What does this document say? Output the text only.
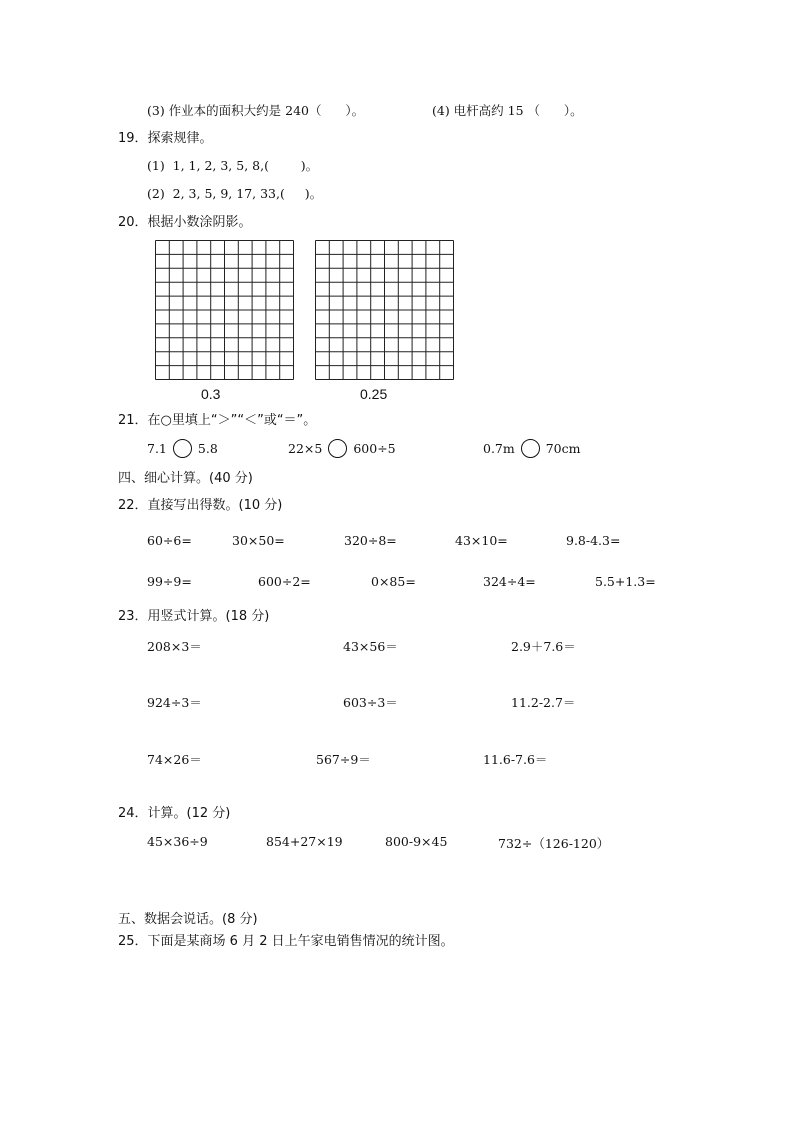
(3) 作业本的面积大约是 240（      ）。	(4) 电杆高约 15 （      ）。
19．探索规律。
(1)  1, 1, 2, 3, 5, 8,(        )。
(2)  2, 3, 5, 9, 17, 33,(     )。
20．根据小数涂阴影。
0.3	0.25
21．在○里填上“＞”“＜”或“＝”。
7.1 5.8	22×5 600÷5	0.7m 70cm
四、细心计算。(40 分)
22．直接写出得数。(10 分)
60÷6=	30×50=	320÷8=	43×10=	9.8-4.3=
99÷9=	600÷2=	0×85=	324÷4=	5.5+1.3=
23．用竖式计算。(18 分)
208×3＝	43×56＝	2.9＋7.6＝
924÷3＝	603÷3＝	11.2-2.7＝
74×26＝	567÷9＝	11.6-7.6＝
24．计算。(12 分)
45×36÷9	854+27×19	800-9×45	732÷（126-120）
五、数据会说话。(8 分)
25．下面是某商场 6 月 2 日上午家电销售情况的统计图。
